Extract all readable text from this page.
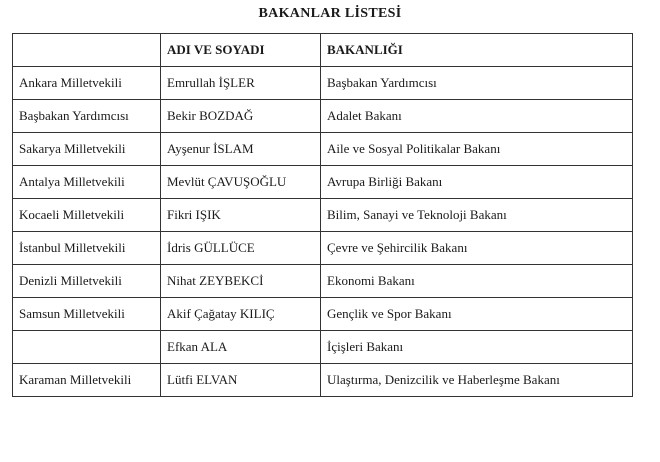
BAKANLAR LİSTESİ
	ADI VE SOYADI	BAKANLIĞI
Ankara Milletvekili	Emrullah İŞLER	Başbakan Yardımcısı
Başbakan Yardımcısı	Bekir BOZDAĞ	Adalet Bakanı
Sakarya Milletvekili	Ayşenur İSLAM	Aile ve Sosyal Politikalar Bakanı
Antalya Milletvekili	Mevlüt ÇAVUŞOĞLU	Avrupa Birliği Bakanı
Kocaeli Milletvekili	Fikri IŞIK	Bilim, Sanayi ve Teknoloji Bakanı
İstanbul Milletvekili	İdris GÜLLÜCE	Çevre ve Şehircilik Bakanı
Denizli Milletvekili	Nihat ZEYBEKCİ	Ekonomi Bakanı
Samsun Milletvekili	Akif Çağatay KILIÇ	Gençlik ve Spor Bakanı
	Efkan ALA	İçişleri Bakanı
Karaman Milletvekili	Lütfi ELVAN	Ulaştırma, Denizcilik ve Haberleşme Bakanı
